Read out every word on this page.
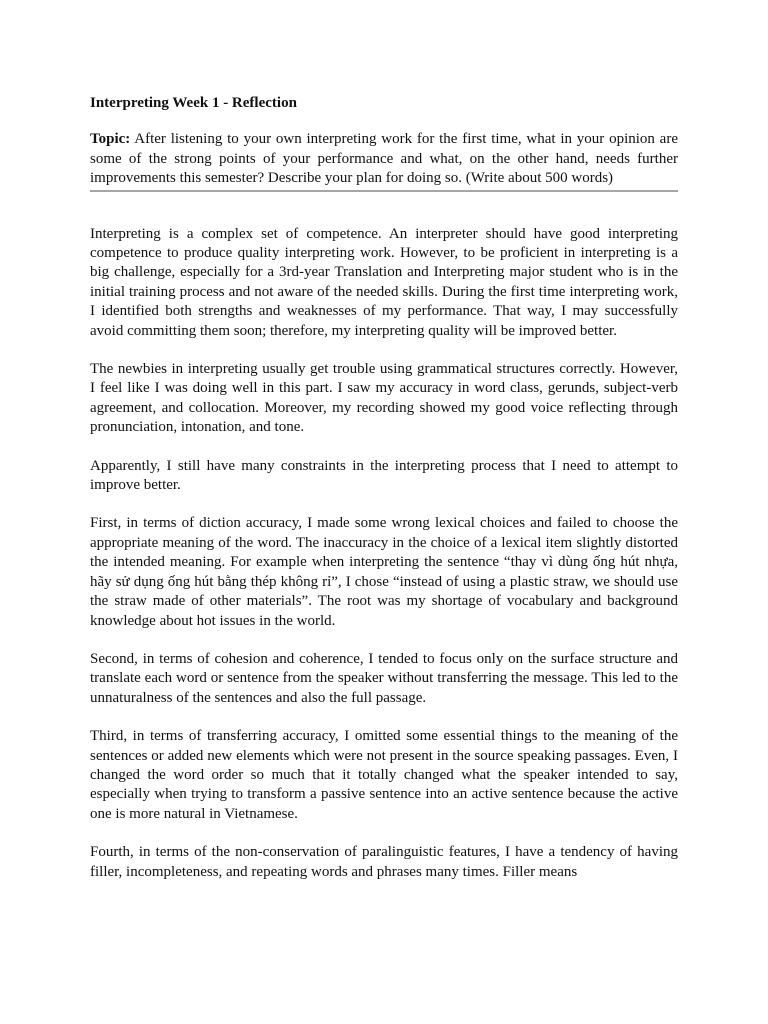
Interpreting Week 1 - Reflection

Topic: After listening to your own interpreting work for the first time, what in your opinion are some of the strong points of your performance and what, on the other hand, needs further improvements this semester? Describe your plan for doing so. (Write about 500 words)

Interpreting is a complex set of competence. An interpreter should have good interpreting competence to produce quality interpreting work. However, to be proficient in interpreting is a big challenge, especially for a 3rd-year Translation and Interpreting major student who is in the initial training process and not aware of the needed skills. During the first time interpreting work, I identified both strengths and weaknesses of my performance. That way, I may successfully avoid committing them soon; therefore, my interpreting quality will be improved better.

The newbies in interpreting usually get trouble using grammatical structures correctly. However, I feel like I was doing well in this part. I saw my accuracy in word class, gerunds, subject-verb agreement, and collocation. Moreover, my recording showed my good voice reflecting through pronunciation, intonation, and tone.

Apparently, I still have many constraints in the interpreting process that I need to attempt to improve better.

First, in terms of diction accuracy, I made some wrong lexical choices and failed to choose the appropriate meaning of the word. The inaccuracy in the choice of a lexical item slightly distorted the intended meaning. For example when interpreting the sentence “thay vì dùng ống hút nhựa, hãy sử dụng ống hút bằng thép không rỉ”, I chose “instead of using a plastic straw, we should use the straw made of other materials”. The root was my shortage of vocabulary and background knowledge about hot issues in the world.

Second, in terms of cohesion and coherence, I tended to focus only on the surface structure and translate each word or sentence from the speaker without transferring the message. This led to the unnaturalness of the sentences and also the full passage.

Third, in terms of transferring accuracy, I omitted some essential things to the meaning of the sentences or added new elements which were not present in the source speaking passages. Even, I changed the word order so much that it totally changed what the speaker intended to say, especially when trying to transform a passive sentence into an active sentence because the active one is more natural in Vietnamese.

Fourth, in terms of the non-conservation of paralinguistic features, I have a tendency of having filler, incompleteness, and repeating words and phrases many times. Filler means
